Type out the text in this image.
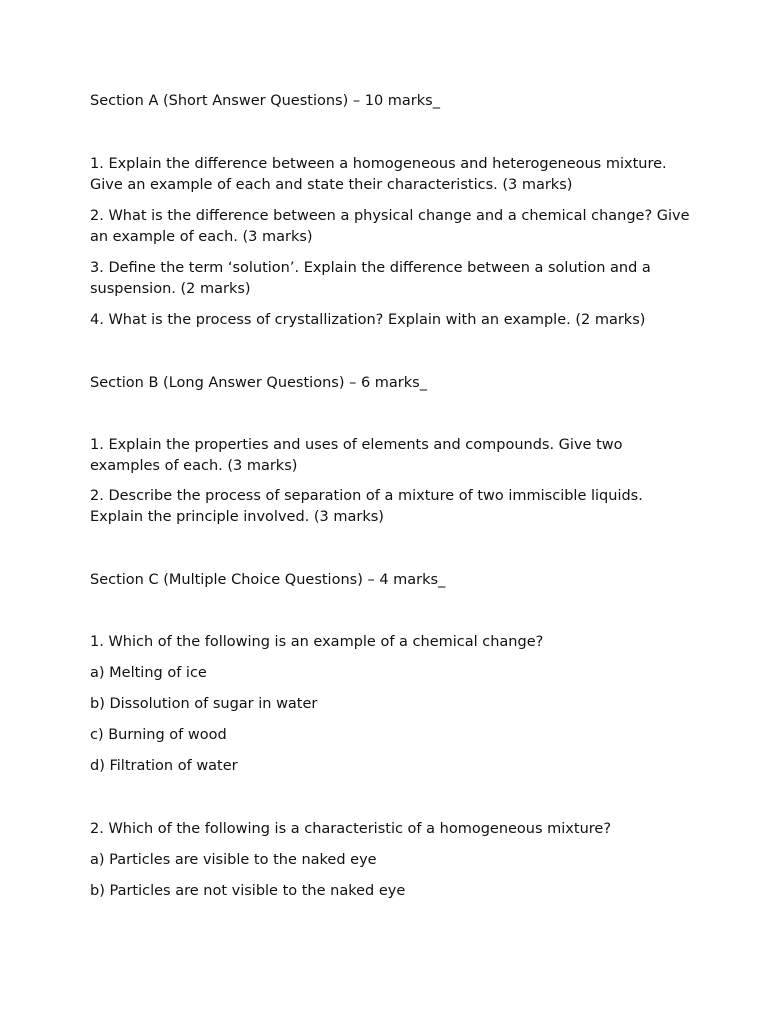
Section A (Short Answer Questions) – 10 marks_
1. Explain the difference between a homogeneous and heterogeneous mixture. Give an example of each and state their characteristics. (3 marks)
2. What is the difference between a physical change and a chemical change? Give an example of each. (3 marks)
3. Define the term ‘solution’. Explain the difference between a solution and a suspension. (2 marks)
4. What is the process of crystallization? Explain with an example. (2 marks)
Section B (Long Answer Questions) – 6 marks_
1. Explain the properties and uses of elements and compounds. Give two examples of each. (3 marks)
2. Describe the process of separation of a mixture of two immiscible liquids. Explain the principle involved. (3 marks)
Section C (Multiple Choice Questions) – 4 marks_
1. Which of the following is an example of a chemical change?
a) Melting of ice
b) Dissolution of sugar in water
c) Burning of wood
d) Filtration of water
2. Which of the following is a characteristic of a homogeneous mixture?
a) Particles are visible to the naked eye
b) Particles are not visible to the naked eye
